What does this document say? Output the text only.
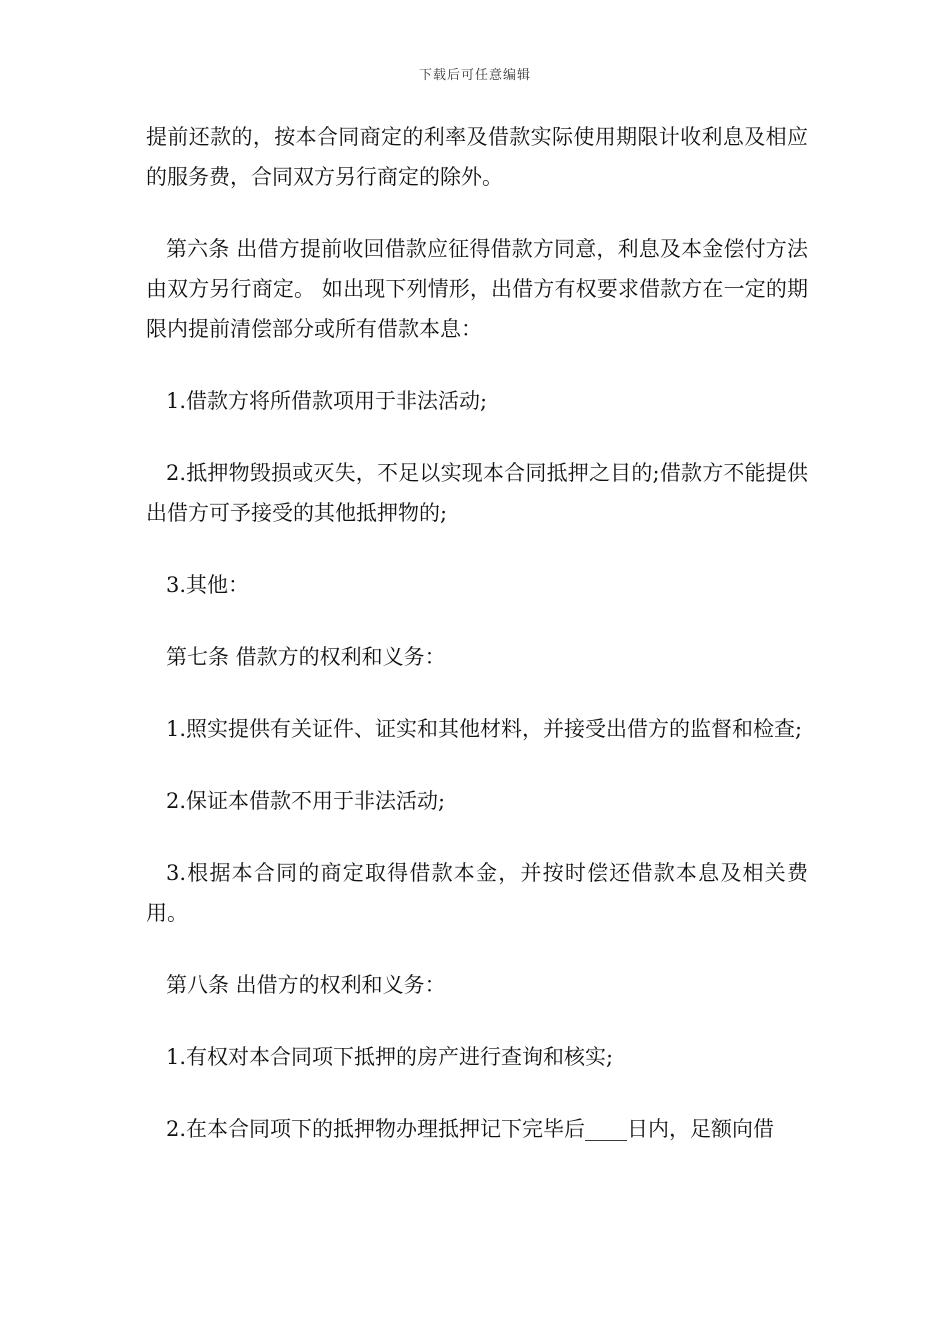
下载后可任意编辑

提前还款的，按本合同商定的利率及借款实际使用期限计收利息及相应的服务费，合同双方另行商定的除外。

第六条 出借方提前收回借款应征得借款方同意，利息及本金偿付方法由双方另行商定。 如出现下列情形，出借方有权要求借款方在一定的期限内提前清偿部分或所有借款本息：

1.借款方将所借款项用于非法活动;

2.抵押物毁损或灭失，不足以实现本合同抵押之目的;借款方不能提供出借方可予接受的其他抵押物的;

3.其他：

第七条 借款方的权利和义务：

1.照实提供有关证件、证实和其他材料，并接受出借方的监督和检查;

2.保证本借款不用于非法活动;

3.根据本合同的商定取得借款本金，并按时偿还借款本息及相关费用。

第八条 出借方的权利和义务：

1.有权对本合同项下抵押的房产进行查询和核实;

2.在本合同项下的抵押物办理抵押记下完毕后____日内，足额向借
